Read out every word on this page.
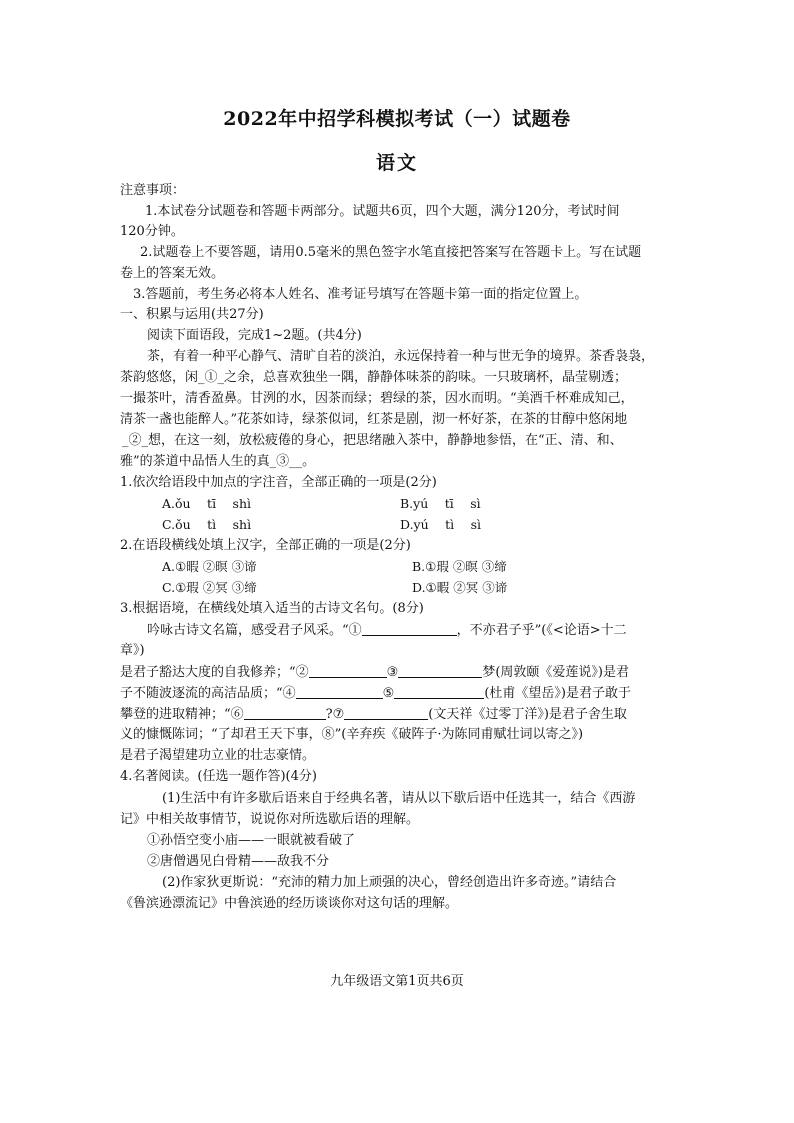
2022年中招学科模拟考试（一）试题卷
语文
注意事项：
1.本试卷分试题卷和答题卡两部分。试题共6页，四个大题，满分120分，考试时间
120分钟。
2.试题卷上不要答题，请用0.5毫米的黑色签字水笔直接把答案写在答题卡上。写在试题
卷上的答案无效。
3.答题前，考生务必将本人姓名、准考证号填写在答题卡第一面的指定位置上。
一、积累与运用(共27分)
阅读下面语段，完成1~2题。(共4分)
茶，有着一种平心静气、清旷自若的淡泊，永远保持着一种与世无争的境界。茶香袅袅，
茶韵悠悠，闲_①_之余，总喜欢独坐一隅，静静体味茶的韵味。一只玻璃杯，晶莹剔透；
一撮茶叶，清香盈鼻。甘洌的水，因茶而绿；碧绿的茶，因水而明。“美酒千杯难成知己，
清茶一盏也能醉人。”花茶如诗，绿茶似词，红茶是剧，沏一杯好茶，在茶的甘醇中悠闲地
_②_想，在这一刻，放松疲倦的身心，把思绪融入茶中，静静地参悟，在“正、清、和、
雅”的茶道中品悟人生的真_③__。
1.依次给语段中加点的字注音，全部正确的一项是(2分)
A.ǒu　 tī　 shì	B.yú　 tī　 sì
C.ǒu　 tì　 shì	D.yú　 tì　 sì
2.在语段横线处填上汉字，全部正确的一项是(2分)
A.①暇 ②暝 ③谛	B.①瑕 ②暝 ③缔
C.①瑕 ②冥 ③缔	D.①暇 ②冥 ③谛
3.根据语境，在横线处填入适当的古诗文名句。(8分)
吟咏古诗文名篇，感受君子风采。“①	，不亦君子乎”(《<论语>十二
章》)
是君子豁达大度的自我修养；“②	③	梦(周敦颐《爱莲说》)是君
子不随波逐流的高洁品质；“④	⑤	(杜甫《望岳》)是君子敢于
攀登的进取精神；“⑥	?⑦	(文天祥《过零丁洋》)是君子舍生取
义的慷慨陈词；“了却君王天下事，⑧”(辛弃疾《破阵子·为陈同甫赋壮词以寄之》)
是君子渴望建功立业的壮志豪情。
4.名著阅读。(任选一题作答)(4分)
(1)生活中有许多歇后语来自于经典名著，请从以下歇后语中任选其一，结合《西游
记》中相关故事情节，说说你对所选歇后语的理解。
①孙悟空变小庙——一眼就被看破了
②唐僧遇见白骨精——敌我不分
(2)作家狄更斯说：“充沛的精力加上顽强的决心，曾经创造出许多奇迹。”请结合
《鲁滨逊漂流记》中鲁滨逊的经历谈谈你对这句话的理解。
九年级语文第1页共6页
